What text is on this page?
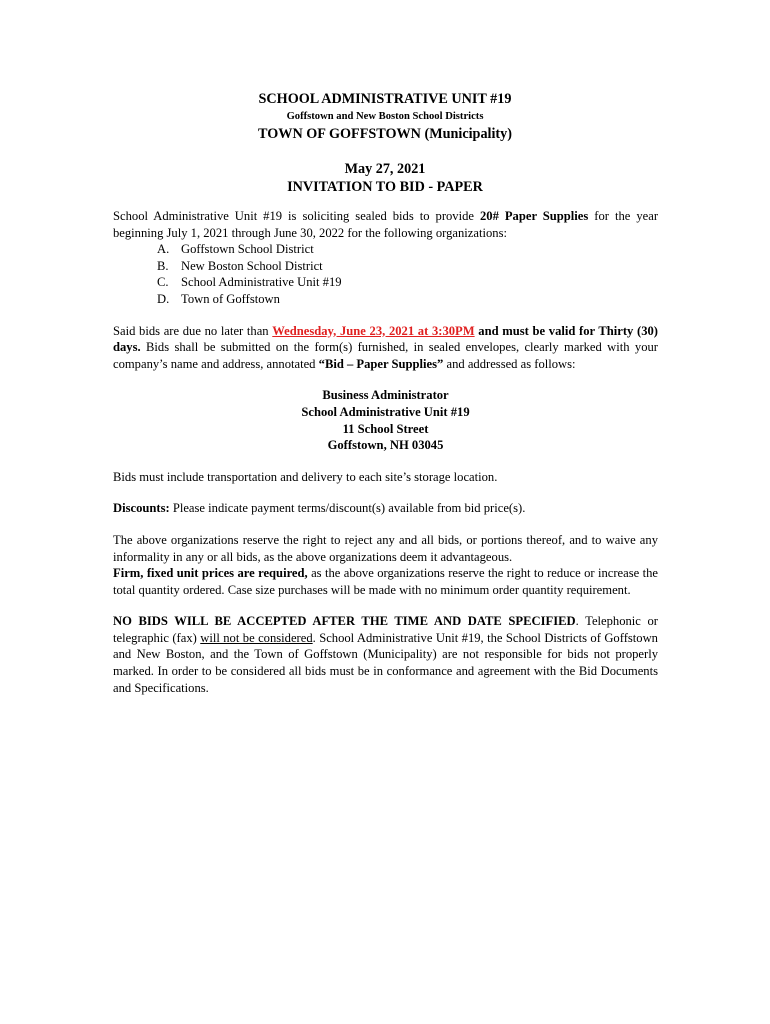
SCHOOL ADMINISTRATIVE UNIT #19
Goffstown and New Boston School Districts
TOWN OF GOFFSTOWN (Municipality)
May 27, 2021
INVITATION TO BID - PAPER

School Administrative Unit #19 is soliciting sealed bids to provide 20# Paper Supplies for the year beginning July 1, 2021 through June 30, 2022 for the following organizations:

A. Goffstown School District
B. New Boston School District
C. School Administrative Unit #19
D. Town of Goffstown

Said bids are due no later than Wednesday, June 23, 2021 at 3:30PM and must be valid for Thirty (30) days. Bids shall be submitted on the form(s) furnished, in sealed envelopes, clearly marked with your company’s name and address, annotated “Bid – Paper Supplies” and addressed as follows:

Business Administrator
School Administrative Unit #19
11 School Street
Goffstown, NH 03045

Bids must include transportation and delivery to each site’s storage location.

Discounts: Please indicate payment terms/discount(s) available from bid price(s).

The above organizations reserve the right to reject any and all bids, or portions thereof, and to waive any informality in any or all bids, as the above organizations deem it advantageous.
Firm, fixed unit prices are required, as the above organizations reserve the right to reduce or increase the total quantity ordered. Case size purchases will be made with no minimum order quantity requirement.

NO BIDS WILL BE ACCEPTED AFTER THE TIME AND DATE SPECIFIED. Telephonic or telegraphic (fax) will not be considered. School Administrative Unit #19, the School Districts of Goffstown and New Boston, and the Town of Goffstown (Municipality) are not responsible for bids not properly marked. In order to be considered all bids must be in conformance and agreement with the Bid Documents and Specifications.
